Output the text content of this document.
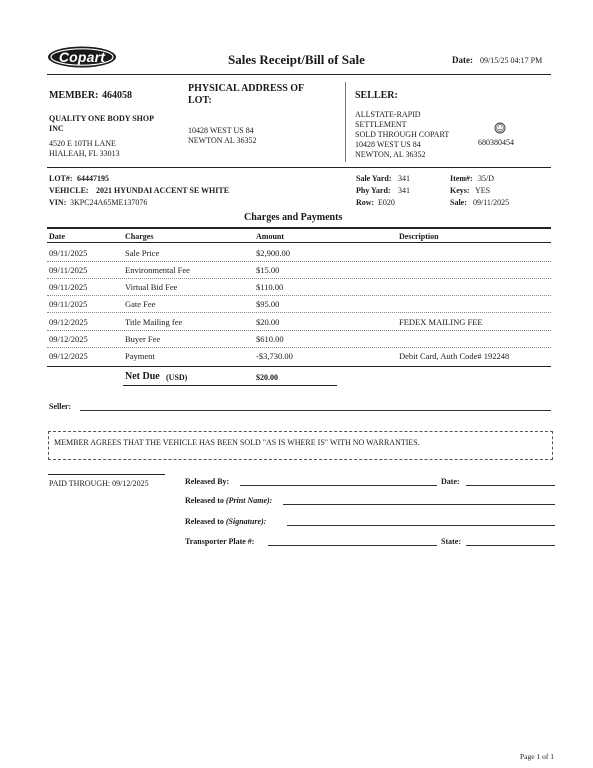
Copart	Sales Receipt/Bill of Sale	Date: 09/15/25 04:17 PM
MEMBER: 464058
QUALITY ONE BODY SHOP
INC
4520 E 10TH LANE
HIALEAH, FL 33013
PHYSICAL ADDRESS OF
LOT:
10428 WEST US 84
NEWTON AL 36352
SELLER:
ALLSTATE-RAPID
SETTLEMENT
SOLD THROUGH COPART
10428 WEST US 84
NEWTON, AL 36352
680380454
LOT#: 64447195
VEHICLE: 2021 HYUNDAI ACCENT SE WHITE
VIN: 3KPC24A65ME137076
Sale Yard: 341
Phy Yard: 341
Row: E020
Item#: 35/D
Keys: YES
Sale: 09/11/2025
Charges and Payments
Date	Charges	Amount	Description
09/11/2025	Sale Price	$2,900.00
09/11/2025	Environmental Fee	$15.00
09/11/2025	Virtual Bid Fee	$110.00
09/11/2025	Gate Fee	$95.00
09/12/2025	Title Mailing fee	$20.00	FEDEX MAILING FEE
09/12/2025	Buyer Fee	$610.00
09/12/2025	Payment	-$3,730.00	Debit Card, Auth Code# 192248
Net Due (USD)	$20.00
Seller:
MEMBER AGREES THAT THE VEHICLE HAS BEEN SOLD "AS IS WHERE IS" WITH NO WARRANTIES.
PAID THROUGH: 09/12/2025	Released By:	Date:
Released to (Print Name):
Released to (Signature):
Transporter Plate #:	State:
Page 1 of 1
